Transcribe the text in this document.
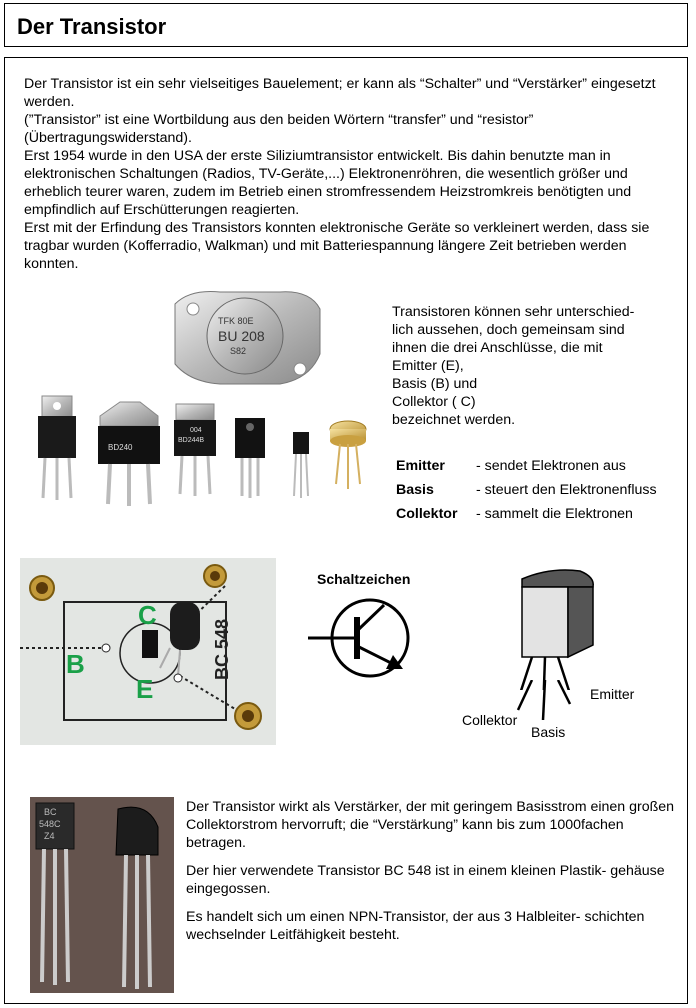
Der Transistor

Der Transistor ist ein sehr vielseitiges Bauelement; er kann als “Schalter” und “Verstärker” eingesetzt werden.

(”Transistor” ist eine Wortbildung aus den beiden Wörtern “transfer” und “resistor” (Übertragungswiderstand).

Erst 1954 wurde in den USA der erste Siliziumtransistor entwickelt. Bis dahin benutzte man in elektronischen Schaltungen (Radios, TV-Geräte,...) Elektronenröhren, die wesentlich größer und erheblich teurer waren, zudem im Betrieb einen stromfressendem Heizstromkreis benötigten und empfindlich auf Erschütterungen reagierten.

Erst mit der Erfindung des Transistors konnten elektronische Geräte so verkleinert werden, dass sie tragbar wurden (Kofferradio, Walkman) und mit Batteriespannung längere Zeit betrieben werden konnten.

TFK 80E
BU 208
S82
BD240
004
BD244B

Transistoren können sehr unterschied-

lich aussehen, doch gemeinsam sind

ihnen die drei Anschlüsse, die mit

Emitter (E),

Basis (B) und

Collektor ( C)

bezeichnet werden.

Emitter - sendet Elektronen aus
Basis	- steuert den Elektronenfluss
Collektor - sammelt die Elektronen
B
C
E
BC 548
Schaltzeichen
Emitter
Collektor
Basis
BC
548C
Z4

Der Transistor wirkt als Verstärker, der mit geringem Basisstrom einen großen Collektorstrom hervorruft; die “Verstärkung” kann bis zum 1000fachen betragen.

Der hier verwendete Transistor BC 548 ist in einem kleinen Plastik- gehäuse eingegossen.

Es handelt sich um einen NPN-Transistor, der aus 3 Halbleiter- schichten wechselnder Leitfähigkeit besteht.
